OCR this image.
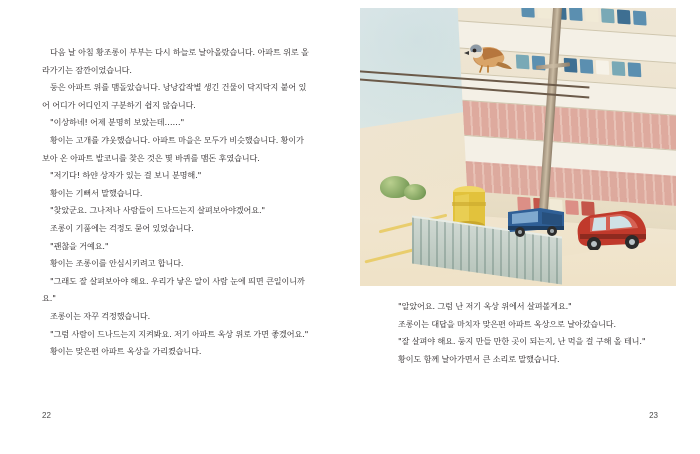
다음 날 아침 황조롱이 부부는 다시 하늘로 날아올랐습니다. 아파트 위로 올라가기는 잠깐이었습니다.

둥은 아파트 위를 맴돌았습니다. 낭낭갑작별 생긴 건물이 닥지닥지 붙어 있어 어디가 어디인지 구분하기 쉽지 않습니다.

"이상하네! 어제 분명히 보았는데……"

황이는 고개를 갸웃했습니다. 아파트 마을은 모두가 비슷했습니다. 황이가 보아 온 아파트 발코니를 찾은 것은 몇 바퀴를 맴돈 후였습니다.

"저기다! 하얀 상자가 있는 걸 보니 분명해."

황이는 기뻐서 말했습니다.

"찾았군요. 그나저나 사람들이 드나드는지 살펴보아야겠어요."

조롱이 기품에는 걱정도 묻어 있었습니다.

"괜찮을 거예요."

황이는 조롱이를 안심시키려고 합니다.

"그래도 잘 살펴보아야 해요. 우리가 낳은 알이 사람 눈에 띄면 큰일이니까요."

조롱이는 자꾸 걱정했습니다.

"그럼 사람이 드나드는지 지켜봐요. 저기 아파트 옥상 위로 가면 좋겠어요."

황이는 맞은편 아파트 옥상을 가리켰습니다.

22

"알았어요. 그럼 난 저기 옥상 위에서 살펴볼게요."

조롱이는 대답을 마치자 맞은편 아파트 옥상으로 날아갔습니다.

"잘 살펴야 해요. 둥지 만들 만한 곳이 되는지, 난 먹을 걸 구해 올 테니."

황이도 함께 날아가면서 큰 소리로 말했습니다.

23
